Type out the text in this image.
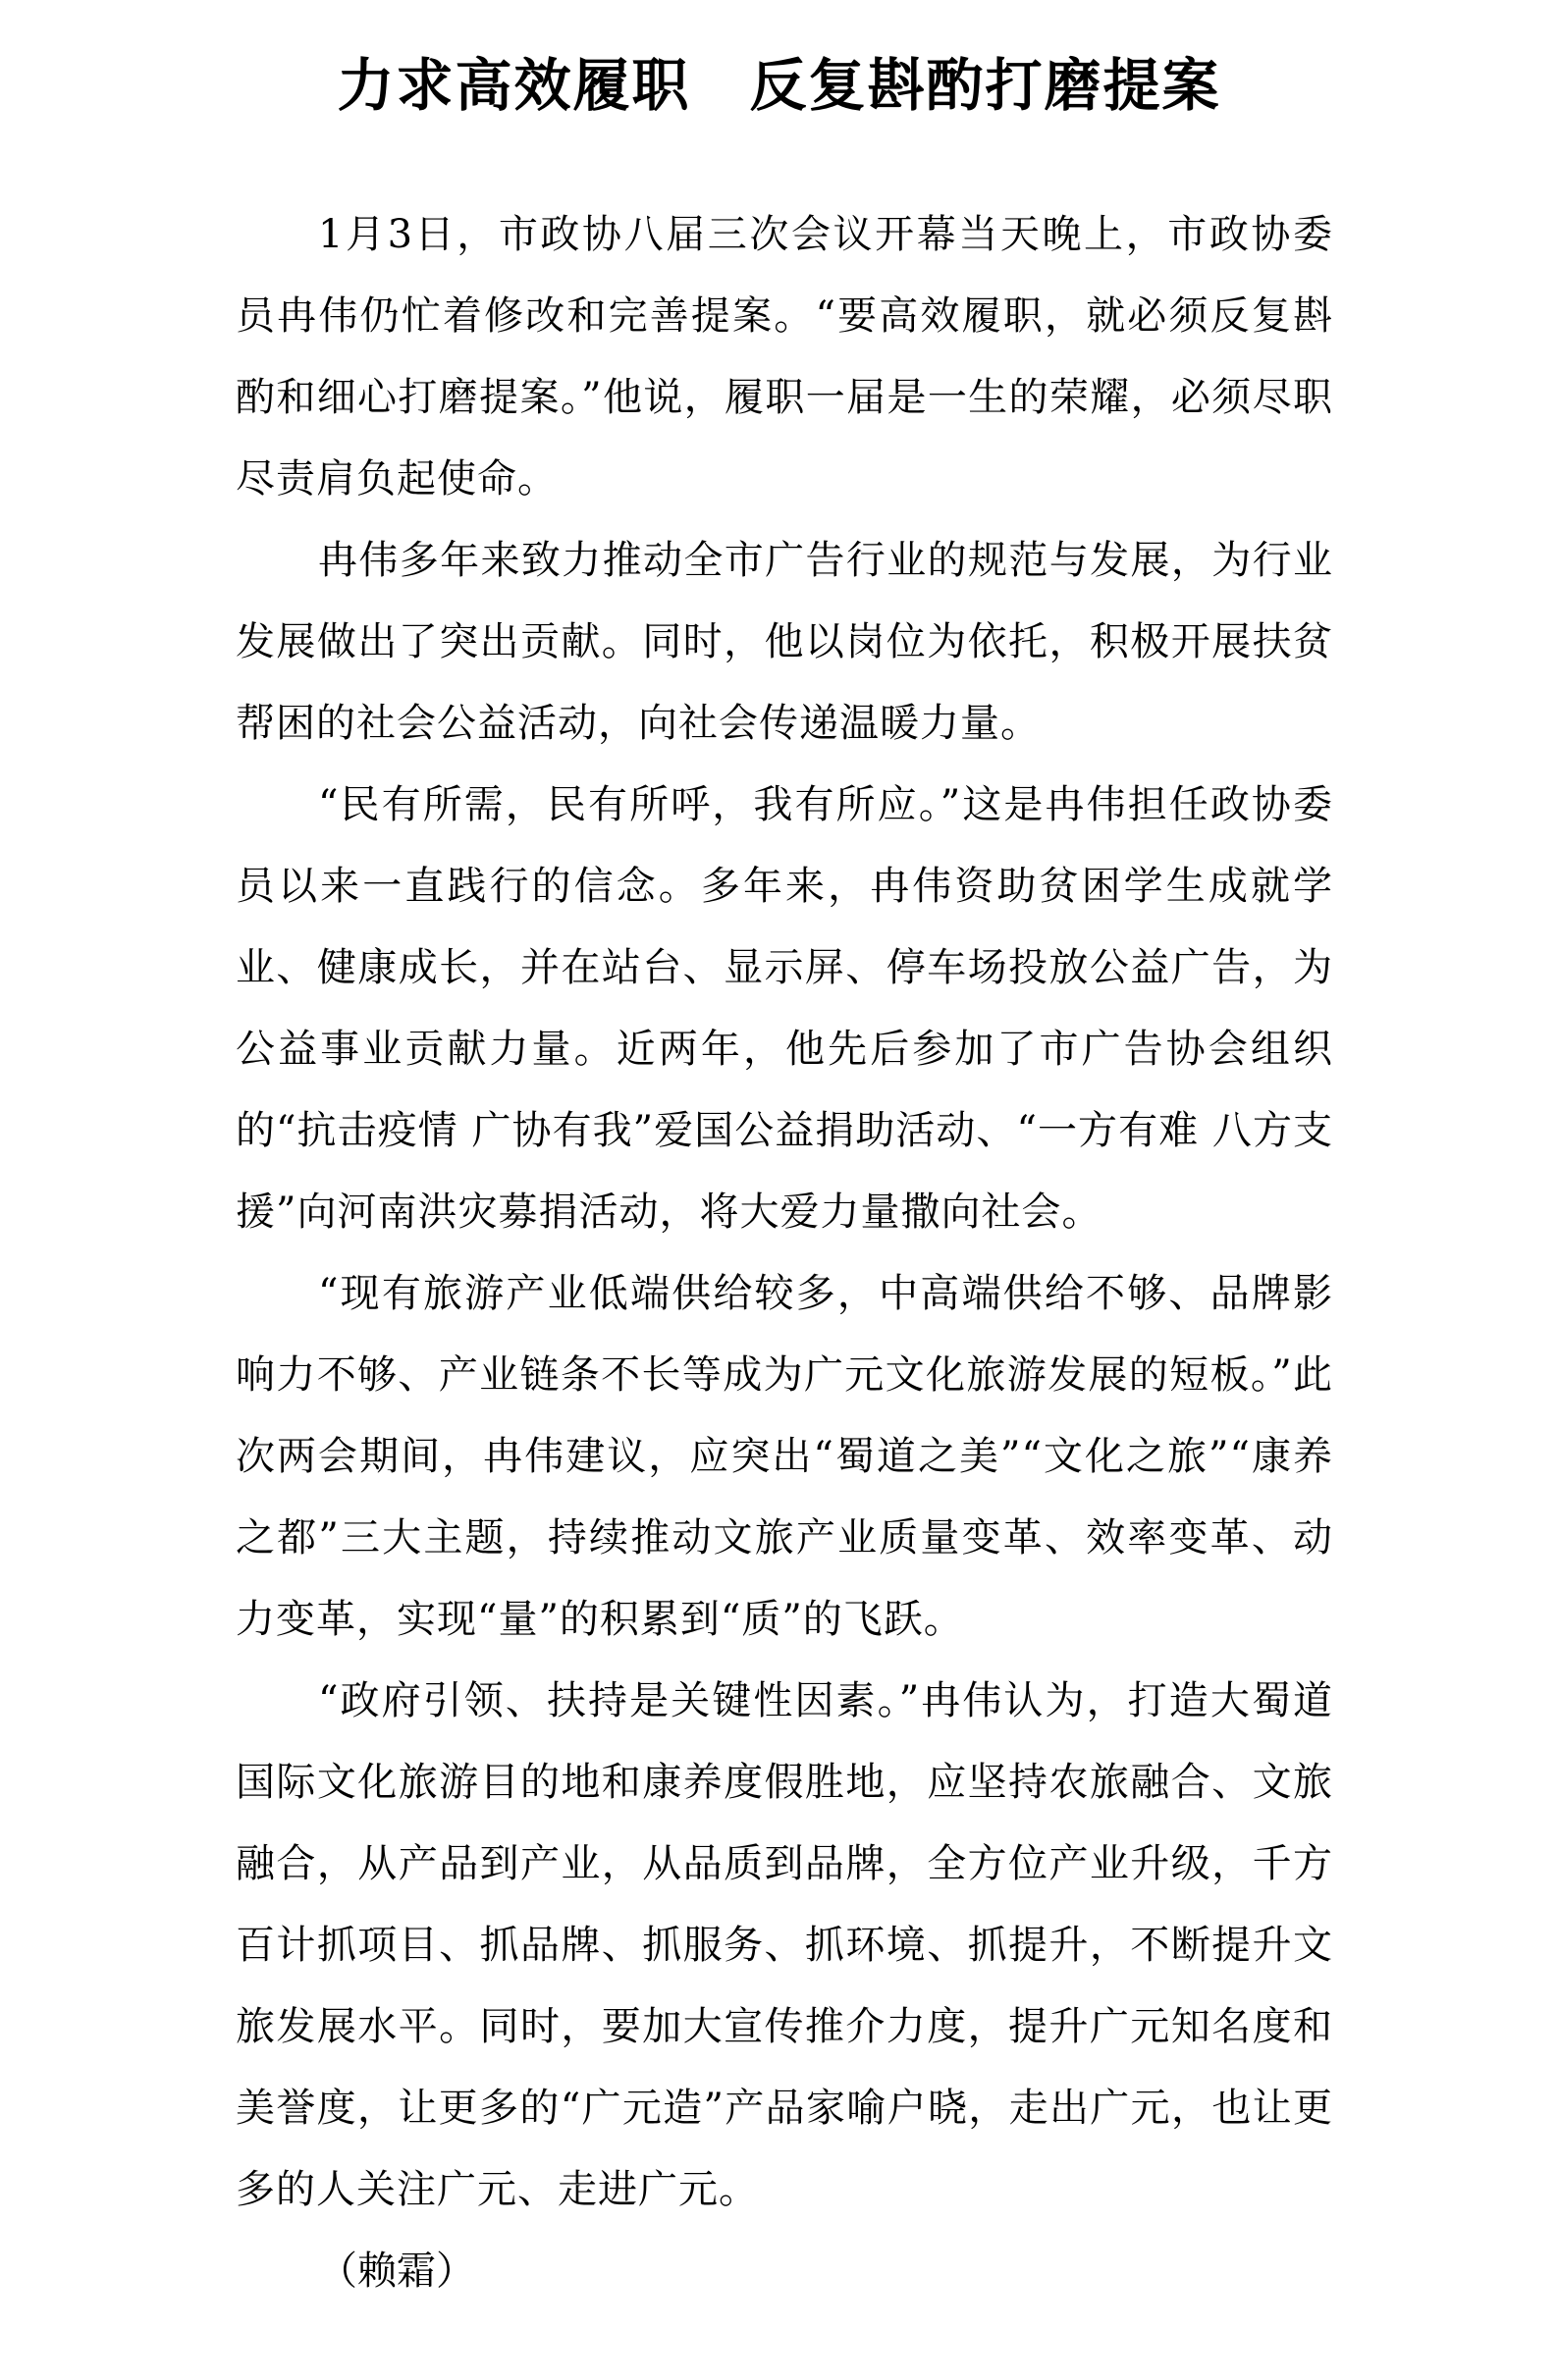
力求高效履职　反复斟酌打磨提案

1月3日，市政协八届三次会议开幕当天晚上，市政协委员冉伟仍忙着修改和完善提案。“要高效履职，就必须反复斟酌和细心打磨提案。”他说，履职一届是一生的荣耀，必须尽职尽责肩负起使命。

冉伟多年来致力推动全市广告行业的规范与发展，为行业发展做出了突出贡献。同时，他以岗位为依托，积极开展扶贫帮困的社会公益活动，向社会传递温暖力量。

“民有所需，民有所呼，我有所应。”这是冉伟担任政协委员以来一直践行的信念。多年来，冉伟资助贫困学生成就学业、健康成长，并在站台、显示屏、停车场投放公益广告，为公益事业贡献力量。近两年，他先后参加了市广告协会组织的“抗击疫情 广协有我”爱国公益捐助活动、“一方有难 八方支援”向河南洪灾募捐活动，将大爱力量撒向社会。

“现有旅游产业低端供给较多，中高端供给不够、品牌影响力不够、产业链条不长等成为广元文化旅游发展的短板。”此次两会期间，冉伟建议，应突出“蜀道之美”“文化之旅”“康养之都”三大主题，持续推动文旅产业质量变革、效率变革、动力变革，实现“量”的积累到“质”的飞跃。

“政府引领、扶持是关键性因素。”冉伟认为，打造大蜀道国际文化旅游目的地和康养度假胜地，应坚持农旅融合、文旅融合，从产品到产业，从品质到品牌，全方位产业升级，千方百计抓项目、抓品牌、抓服务、抓环境、抓提升，不断提升文旅发展水平。同时，要加大宣传推介力度，提升广元知名度和美誉度，让更多的“广元造”产品家喻户晓，走出广元，也让更多的人关注广元、走进广元。

（赖霜）
